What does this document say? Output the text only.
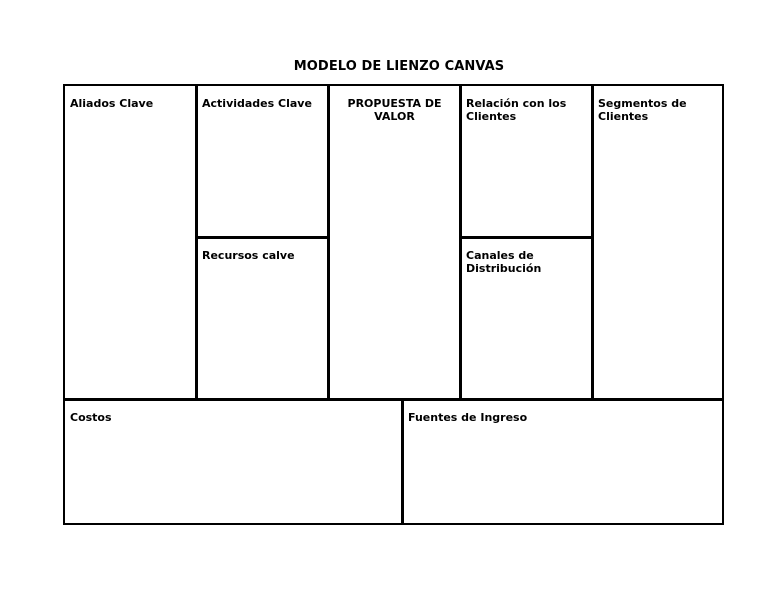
MODELO DE LIENZO CANVAS
Aliados Clave	Actividades Clave
Recursos calve
PROPUESTA DE VALOR
Relación con los Clientes
Canales de Distribución
Segmentos de Clientes
Costos	Fuentes de Ingreso
